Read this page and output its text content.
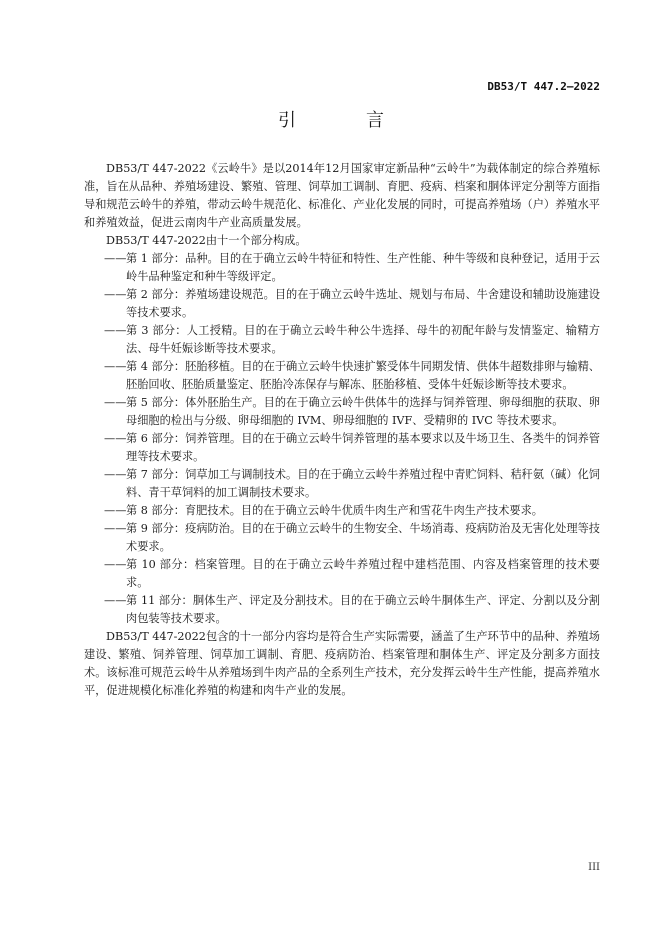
DB53/T 447.2—2022
引　言

DB53/T 447-2022《云岭牛》是以2014年12月国家审定新品种“云岭牛”为载体制定的综合养殖标准，旨在从品种、养殖场建设、繁殖、管理、饲草加工调制、育肥、疫病、档案和胴体评定分割等方面指导和规范云岭牛的养殖，带动云岭牛规范化、标准化、产业化发展的同时，可提高养殖场（户）养殖水平和养殖效益，促进云南肉牛产业高质量发展。

DB53/T 447-2022由十一个部分构成。

—— 第 1 部分：品种。目的在于确立云岭牛特征和特性、生产性能、种牛等级和良种登记，适用于云岭牛品种鉴定和种牛等级评定。
—— 第 2 部分：养殖场建设规范。目的在于确立云岭牛选址、规划与布局、牛舍建设和辅助设施建设等技术要求。
—— 第 3 部分：人工授精。目的在于确立云岭牛种公牛选择、母牛的初配年龄与发情鉴定、输精方法、母牛妊娠诊断等技术要求。
—— 第 4 部分：胚胎移植。目的在于确立云岭牛快速扩繁受体牛同期发情、供体牛超数排卵与输精、胚胎回收、胚胎质量鉴定、胚胎冷冻保存与解冻、胚胎移植、受体牛妊娠诊断等技术要求。
—— 第 5 部分：体外胚胎生产。目的在于确立云岭牛供体牛的选择与饲养管理、卵母细胞的获取、卵母细胞的检出与分级、卵母细胞的 IVM、卵母细胞的 IVF、受精卵的 IVC 等技术要求。
—— 第 6 部分：饲养管理。目的在于确立云岭牛饲养管理的基本要求以及牛场卫生、各类牛的饲养管理等技术要求。
—— 第 7 部分：饲草加工与调制技术。目的在于确立云岭牛养殖过程中青贮饲料、秸秆氨（碱）化饲料、青干草饲料的加工调制技术要求。
—— 第 8 部分：育肥技术。目的在于确立云岭牛优质牛肉生产和雪花牛肉生产技术要求。
—— 第 9 部分：疫病防治。目的在于确立云岭牛的生物安全、牛场消毒、疫病防治及无害化处理等技术要求。
—— 第 10 部分：档案管理。目的在于确立云岭牛养殖过程中建档范围、内容及档案管理的技术要求。
—— 第 11 部分：胴体生产、评定及分割技术。目的在于确立云岭牛胴体生产、评定、分割以及分割肉包装等技术要求。

DB53/T 447-2022包含的十一部分内容均是符合生产实际需要，涵盖了生产环节中的品种、养殖场建设、繁殖、饲养管理、饲草加工调制、育肥、疫病防治、档案管理和胴体生产、评定及分割多方面技术。该标准可规范云岭牛从养殖场到牛肉产品的全系列生产技术，充分发挥云岭牛生产性能，提高养殖水平，促进规模化标准化养殖的构建和肉牛产业的发展。

III
